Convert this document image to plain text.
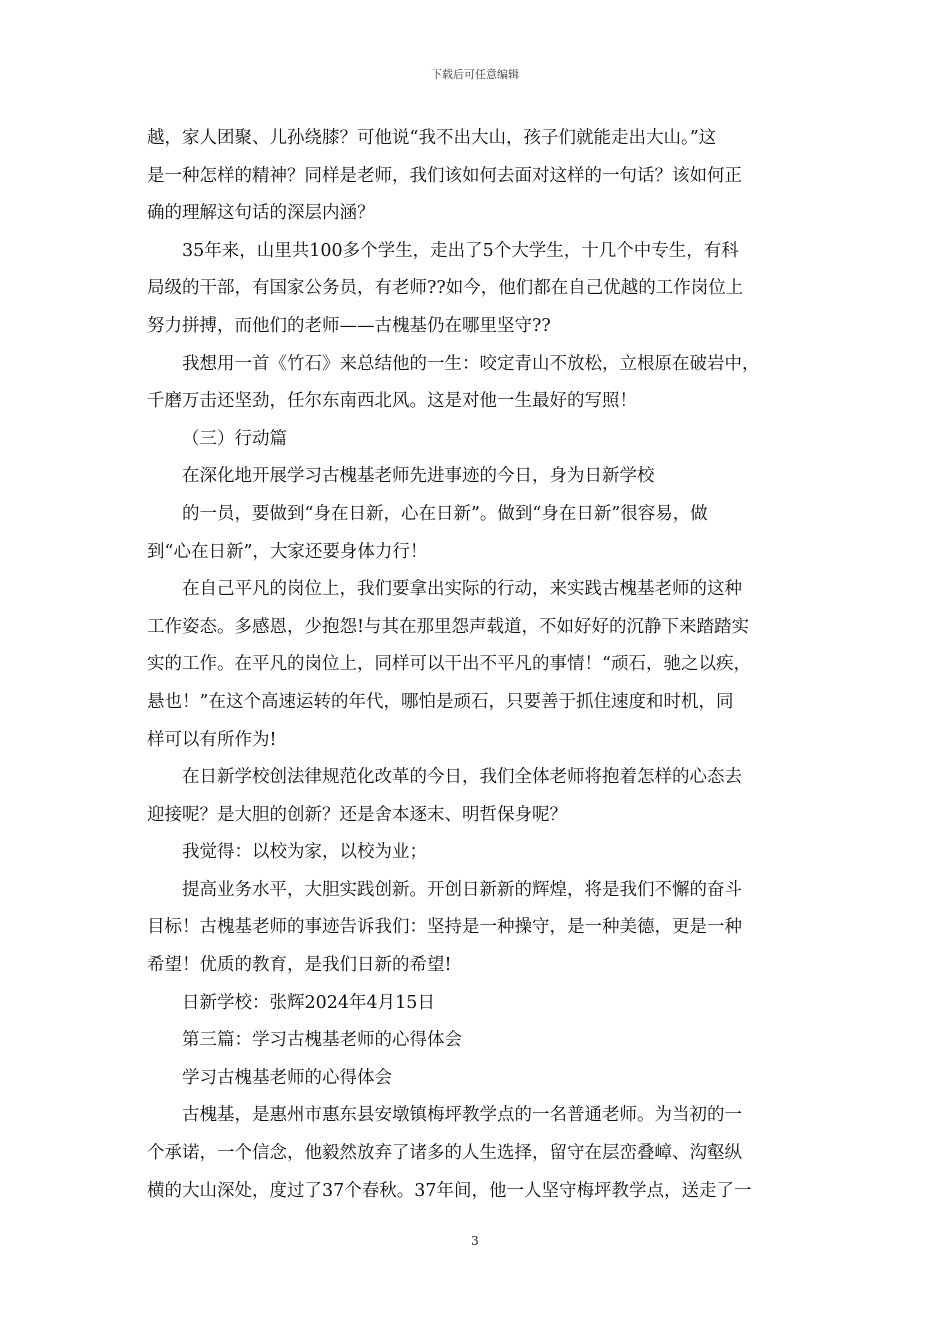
下载后可任意编辑
越，家人团聚、儿孙绕膝？可他说“我不出大山，孩子们就能走出大山。”这
是一种怎样的精神？同样是老师，我们该如何去面对这样的一句话？该如何正
确的理解这句话的深层内涵？
35年来，山里共100多个学生，走出了5个大学生，十几个中专生，有科
局级的干部，有国家公务员，有老师??如今，他们都在自己优越的工作岗位上
努力拼搏，而他们的老师——古槐基仍在哪里坚守??
我想用一首《竹石》来总结他的一生：咬定青山不放松，立根原在破岩中，
千磨万击还坚劲，任尔东南西北风。这是对他一生最好的写照！
（三）行动篇
在深化地开展学习古槐基老师先进事迹的今日，身为日新学校
的一员，要做到“身在日新，心在日新”。做到“身在日新”很容易，做
到“心在日新”，大家还要身体力行！
在自己平凡的岗位上，我们要拿出实际的行动，来实践古槐基老师的这种
工作姿态。多感恩，少抱怨!与其在那里怨声载道，不如好好的沉静下来踏踏实
实的工作。在平凡的岗位上，同样可以干出不平凡的事情！“顽石，驰之以疾，
悬也！”在这个高速运转的年代，哪怕是顽石，只要善于抓住速度和时机，同
样可以有所作为!
在日新学校创法律规范化改革的今日，我们全体老师将抱着怎样的心态去
迎接呢？是大胆的创新？还是舍本逐末、明哲保身呢？
我觉得：以校为家，以校为业；
提高业务水平，大胆实践创新。开创日新新的辉煌，将是我们不懈的奋斗
目标！古槐基老师的事迹告诉我们：坚持是一种操守，是一种美德，更是一种
希望！优质的教育，是我们日新的希望!
日新学校：张辉2024年4月15日
第三篇：学习古槐基老师的心得体会
学习古槐基老师的心得体会
古槐基，是惠州市惠东县安墩镇梅坪教学点的一名普通老师。为当初的一
个承诺，一个信念，他毅然放弃了诸多的人生选择，留守在层峦叠嶂、沟壑纵
横的大山深处，度过了37个春秋。37年间，他一人坚守梅坪教学点，送走了一
3
